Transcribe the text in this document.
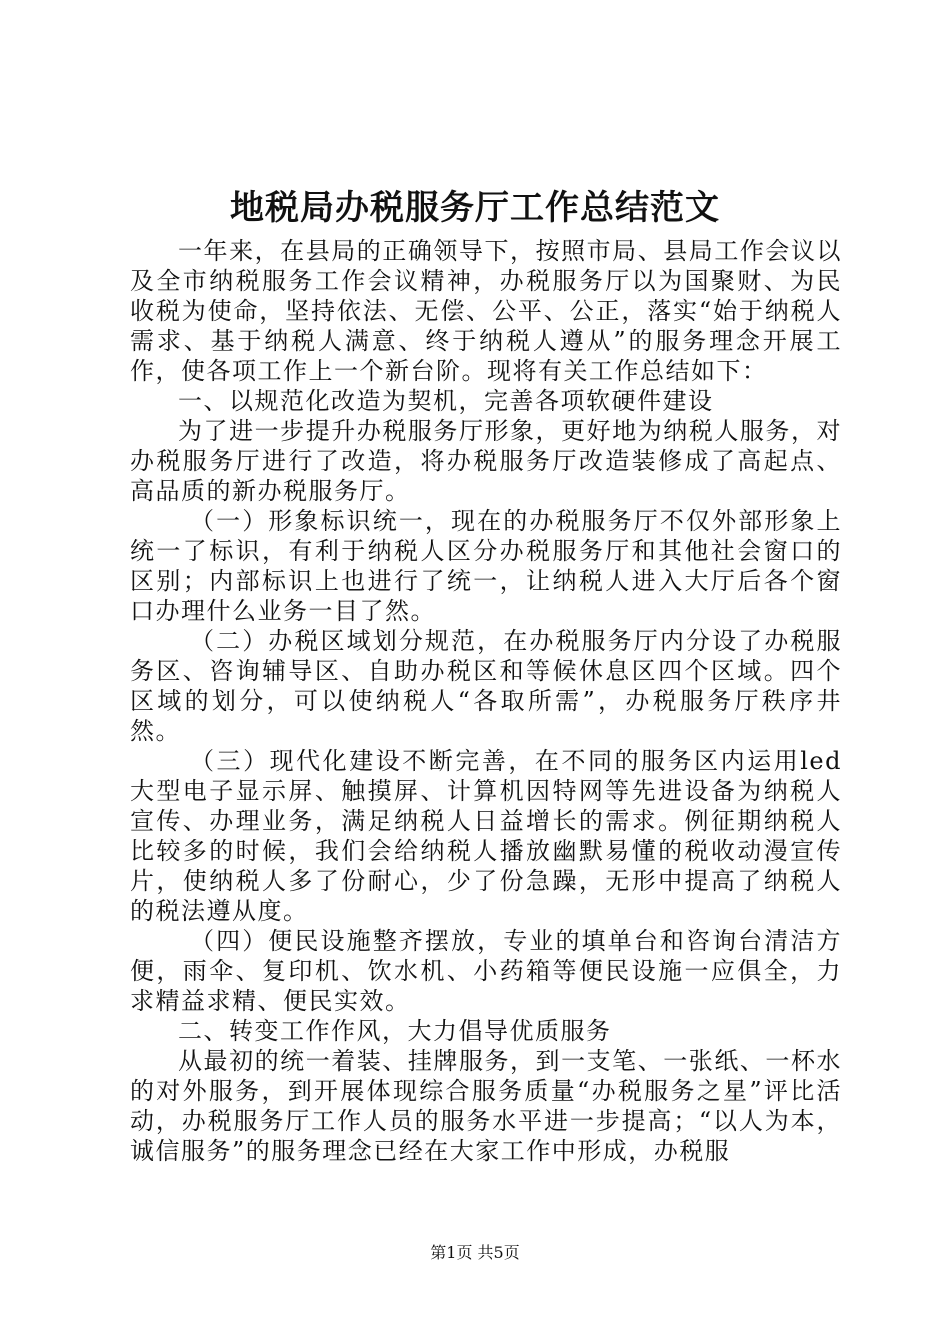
地税局办税服务厅工作总结范文

一年来，在县局的正确领导下，按照市局、县局工作会议以及全市纳税服务工作会议精神，办税服务厅以为国聚财、为民收税为使命，坚持依法、无偿、公平、公正，落实“始于纳税人需求、基于纳税人满意、终于纳税人遵从”的服务理念开展工作，使各项工作上一个新台阶。现将有关工作总结如下：

一、以规范化改造为契机，完善各项软硬件建设

为了进一步提升办税服务厅形象，更好地为纳税人服务，对办税服务厅进行了改造，将办税服务厅改造装修成了高起点、高品质的新办税服务厅。

（一）形象标识统一，现在的办税服务厅不仅外部形象上统一了标识，有利于纳税人区分办税服务厅和其他社会窗口的区别；内部标识上也进行了统一，让纳税人进入大厅后各个窗口办理什么业务一目了然。

（二）办税区域划分规范，在办税服务厅内分设了办税服务区、咨询辅导区、自助办税区和等候休息区四个区域。四个区域的划分，可以使纳税人“各取所需”，办税服务厅秩序井然。

（三）现代化建设不断完善，在不同的服务区内运用led大型电子显示屏、触摸屏、计算机因特网等先进设备为纳税人宣传、办理业务，满足纳税人日益增长的需求。例征期纳税人比较多的时候，我们会给纳税人播放幽默易懂的税收动漫宣传片，使纳税人多了份耐心，少了份急躁，无形中提高了纳税人的税法遵从度。

（四）便民设施整齐摆放，专业的填单台和咨询台清洁方便，雨伞、复印机、饮水机、小药箱等便民设施一应俱全，力求精益求精、便民实效。

二、转变工作作风，大力倡导优质服务

从最初的统一着装、挂牌服务，到一支笔、一张纸、一杯水的对外服务，到开展体现综合服务质量“办税服务之星”评比活动，办税服务厅工作人员的服务水平进一步提高；“以人为本，诚信服务”的服务理念已经在大家工作中形成，办税服

第1页 共5页
